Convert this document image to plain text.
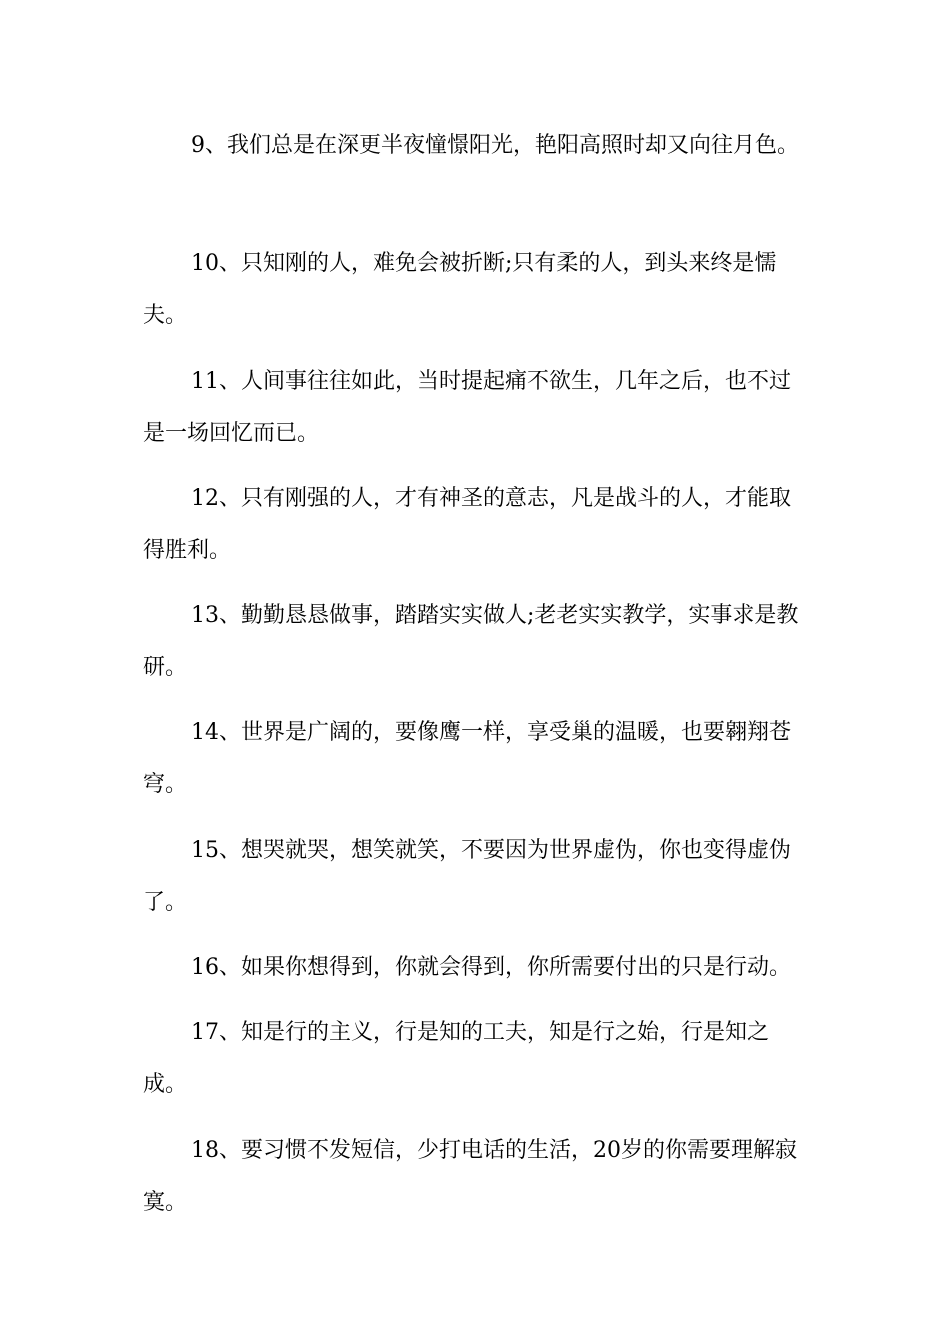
9、我们总是在深更半夜憧憬阳光，艳阳高照时却又向往月色。

10、只知刚的人，难免会被折断;只有柔的人，到头来终是懦夫。

11、人间事往往如此，当时提起痛不欲生，几年之后，也不过是一场回忆而已。

12、只有刚强的人，才有神圣的意志，凡是战斗的人，才能取得胜利。

13、勤勤恳恳做事，踏踏实实做人;老老实实教学，实事求是教研。

14、世界是广阔的，要像鹰一样，享受巢的温暖，也要翱翔苍穹。

15、想哭就哭，想笑就笑，不要因为世界虚伪，你也变得虚伪了。

16、如果你想得到，你就会得到，你所需要付出的只是行动。

17、知是行的主义，行是知的工夫，知是行之始，行是知之成。

18、要习惯不发短信，少打电话的生活，20岁的你需要理解寂寞。
